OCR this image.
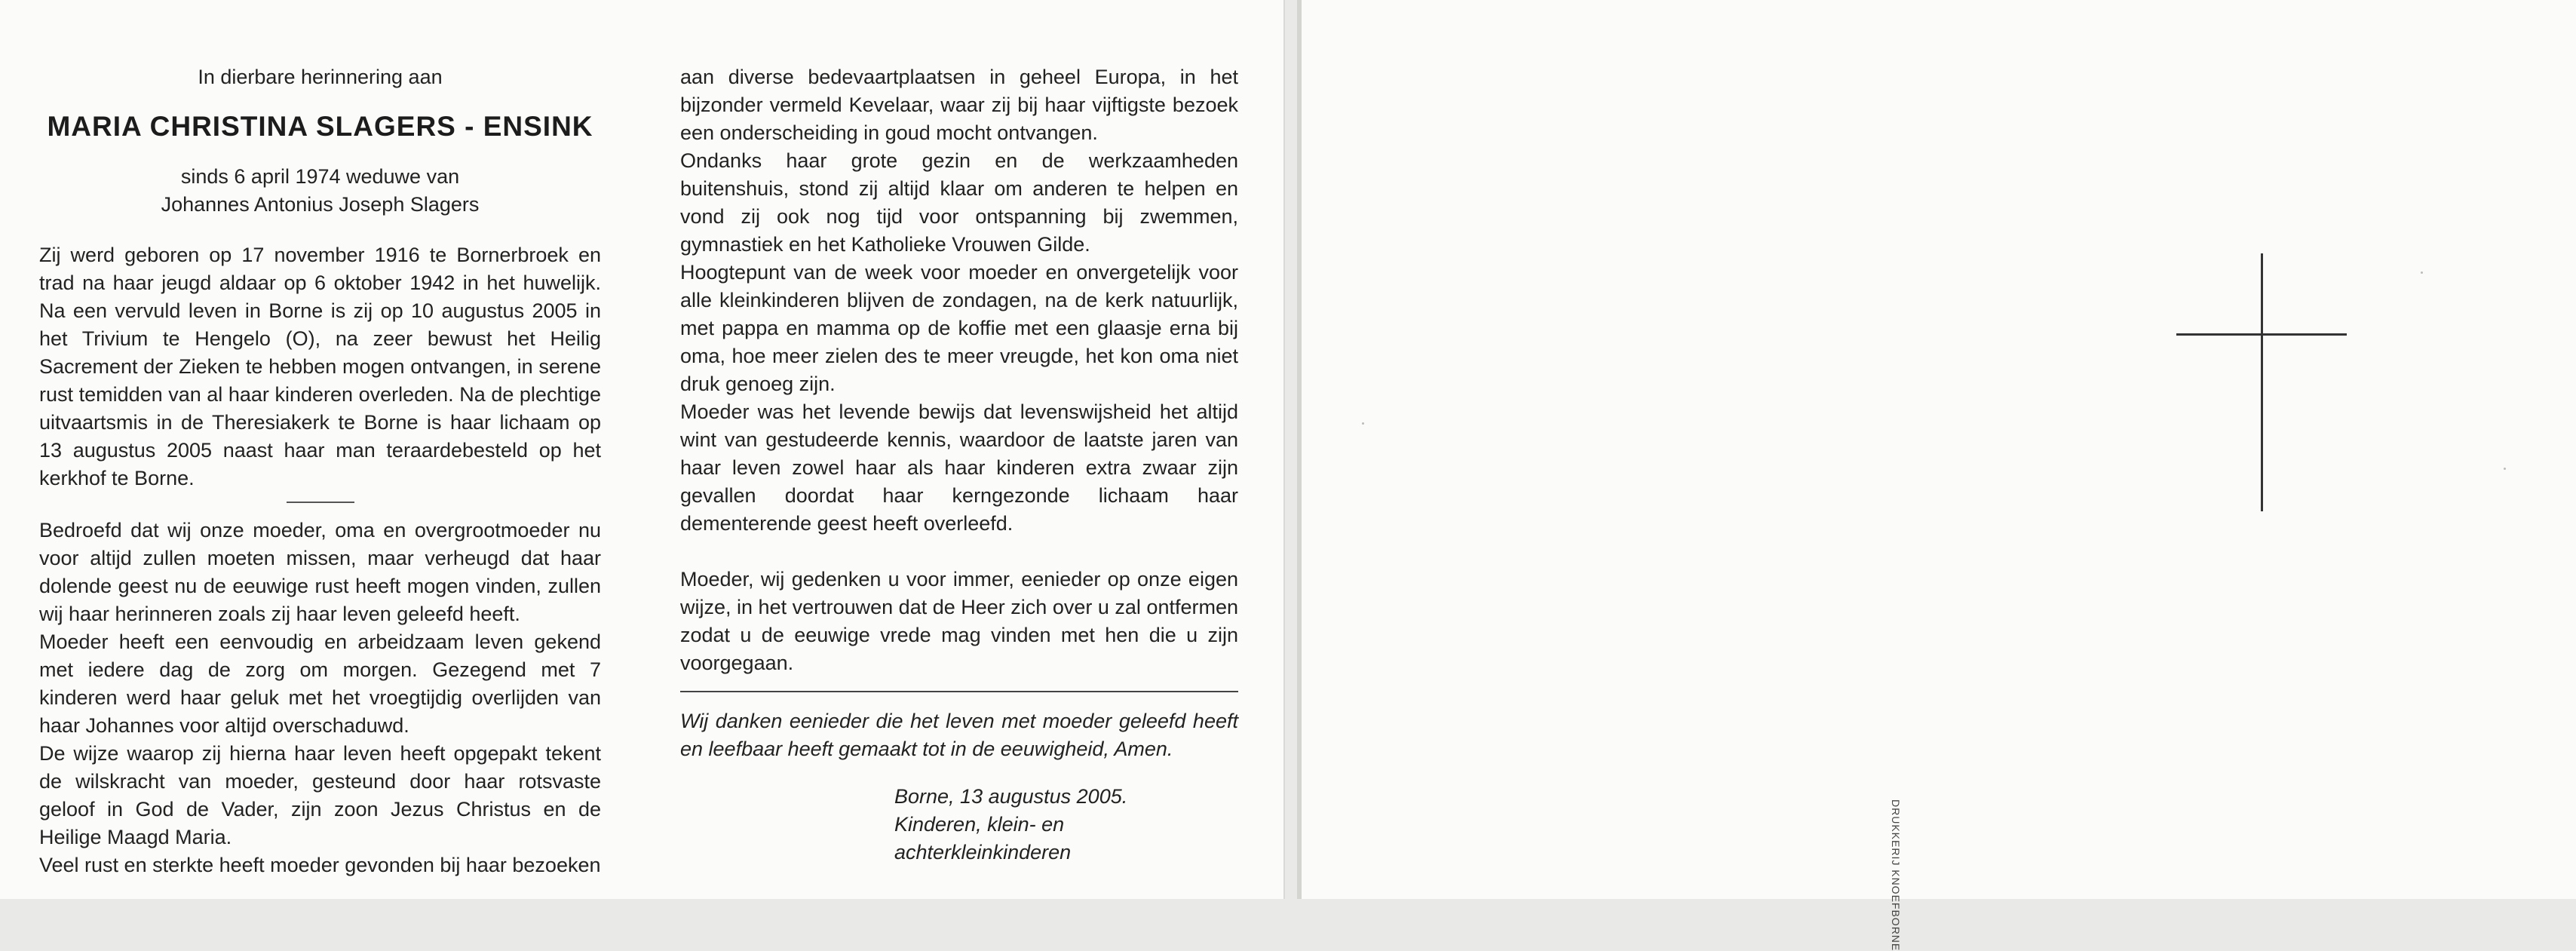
In dierbare herinnering aan

MARIA CHRISTINA SLAGERS - ENSINK

sinds 6 april 1974 weduwe van

Johannes Antonius Joseph Slagers

Zij werd geboren op 17 november 1916 te Bornerbroek en trad na haar jeugd aldaar op 6 oktober 1942 in het huwelijk. Na een vervuld leven in Borne is zij op 10 augustus 2005 in het Trivium te Hengelo (O), na zeer bewust het Heilig Sacrement der Zieken te hebben mogen ontvangen, in serene rust temidden van al haar kinderen overleden. Na de plechtige uitvaartsmis in de Theresiakerk te Borne is haar lichaam op 13 augustus 2005 naast haar man teraardebesteld op het kerkhof te Borne.

Bedroefd dat wij onze moeder, oma en overgrootmoeder nu voor altijd zullen moeten missen, maar verheugd dat haar dolende geest nu de eeuwige rust heeft mogen vinden, zullen wij haar herinneren zoals zij haar leven geleefd heeft.

Moeder heeft een eenvoudig en arbeidzaam leven gekend met iedere dag de zorg om morgen. Gezegend met 7 kinderen werd haar geluk met het vroegtijdig overlijden van haar Johannes voor altijd overschaduwd.

De wijze waarop zij hierna haar leven heeft opgepakt tekent de wilskracht van moeder, gesteund door haar rotsvaste geloof in God de Vader, zijn zoon Jezus Christus en de Heilige Maagd Maria.

Veel rust en sterkte heeft moeder gevonden bij haar bezoeken

aan diverse bedevaartplaatsen in geheel Europa, in het bijzonder vermeld Kevelaar, waar zij bij haar vijftigste bezoek een onderscheiding in goud mocht ontvangen.

Ondanks haar grote gezin en de werkzaamheden buitenshuis, stond zij altijd klaar om anderen te helpen en vond zij ook nog tijd voor ontspanning bij zwemmen, gymnastiek en het Katholieke Vrouwen Gilde.

Hoogtepunt van de week voor moeder en onvergetelijk voor alle kleinkinderen blijven de zondagen, na de kerk natuurlijk, met pappa en mamma op de koffie met een glaasje erna bij oma, hoe meer zielen des te meer vreugde, het kon oma niet druk genoeg zijn.

Moeder was het levende bewijs dat levenswijsheid het altijd wint van gestudeerde kennis, waardoor de laatste jaren van haar leven zowel haar als haar kinderen extra zwaar zijn gevallen doordat haar kerngezonde lichaam haar dementerende geest heeft overleefd.

Moeder, wij gedenken u voor immer, eenieder op onze eigen wijze, in het vertrouwen dat de Heer zich over u zal ontfermen zodat u de eeuwige vrede mag vinden met hen die u zijn voorgegaan.

Wij danken eenieder die het leven met moeder geleefd heeft en leefbaar heeft gemaakt tot in de eeuwigheid, Amen.

Borne, 13 augustus 2005.

Kinderen, klein- en achterkleinkinderen	DRUKKERIJ KNOEF
BORNE
